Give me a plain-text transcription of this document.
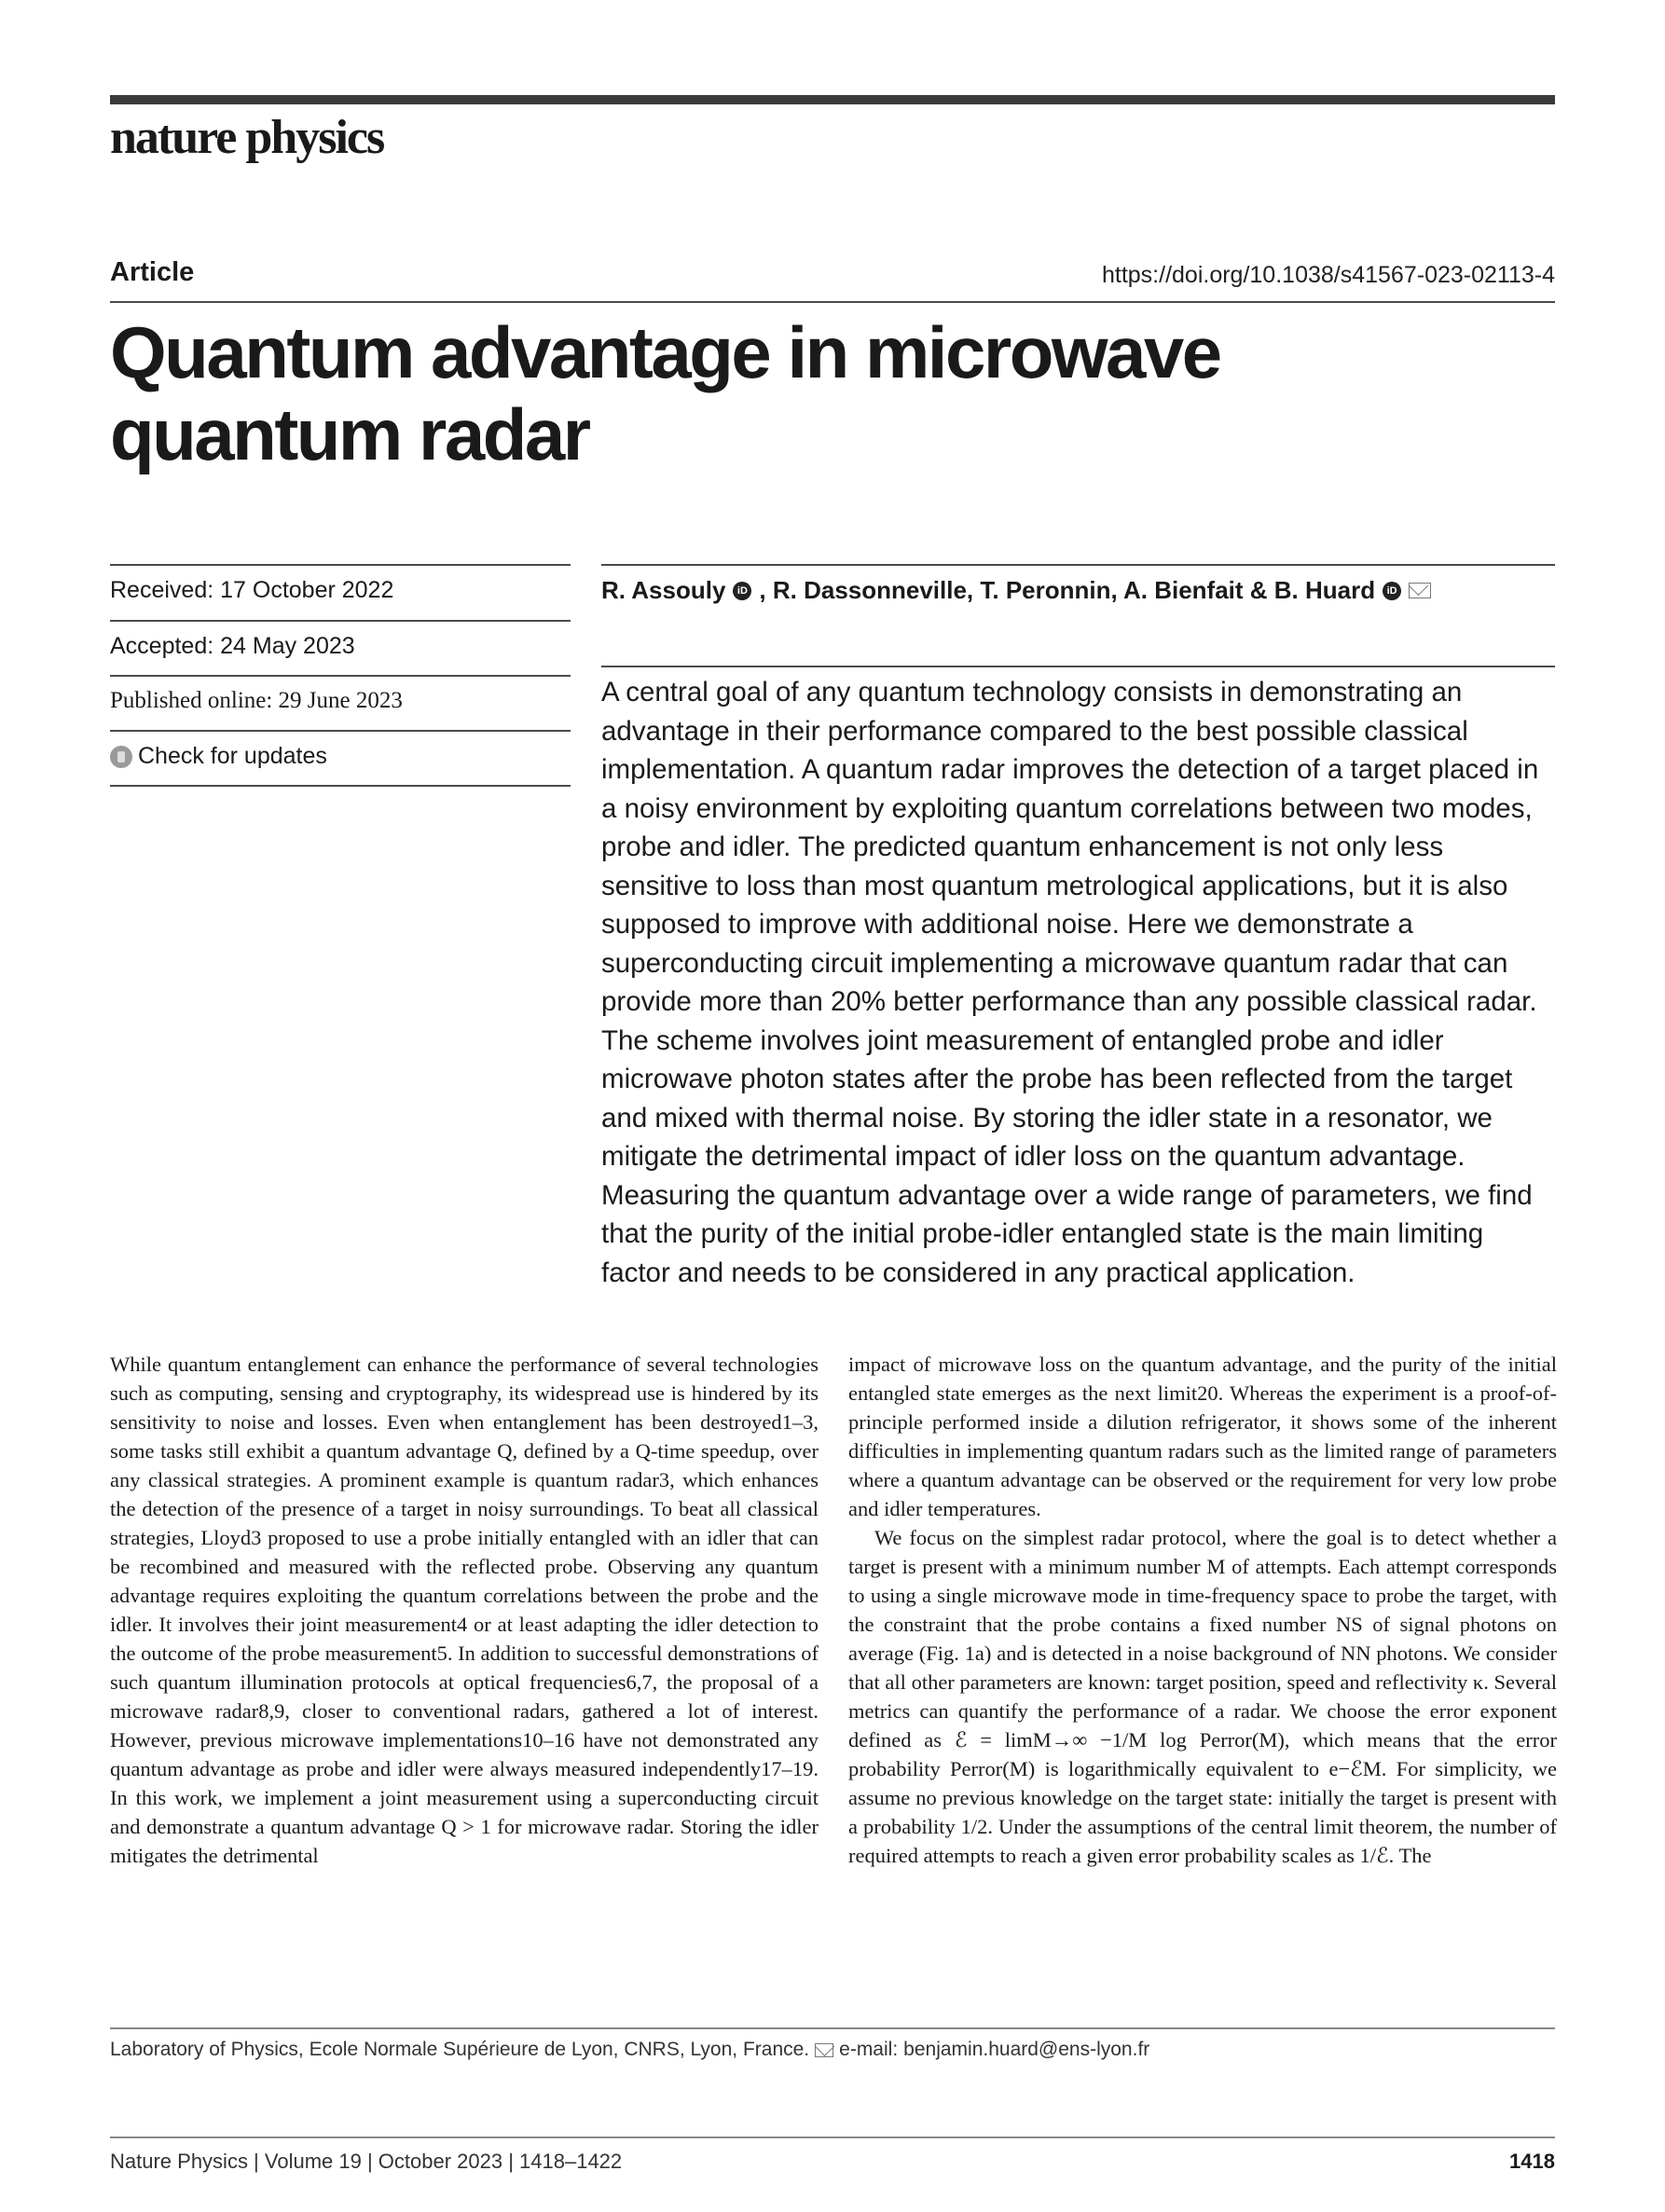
nature physics
Article	https://doi.org/10.1038/s41567-023-02113-4
Quantum advantage in microwave quantum radar
Received: 17 October 2022
Accepted: 24 May 2023
Published online: 29 June 2023
Check for updates
R. Assouly	iD , R. Dassonneville, T. Peronnin, A. Bienfait & B. Huard	iD
A central goal of any quantum technology consists in demonstrating an advantage in their performance compared to the best possible classical implementation. A quantum radar improves the detection of a target placed in a noisy environment by exploiting quantum correlations between two modes, probe and idler. The predicted quantum enhancement is not only less sensitive to loss than most quantum metrological applications, but it is also supposed to improve with additional noise. Here we demonstrate a superconducting circuit implementing a microwave quantum radar that can provide more than 20% better performance than any possible classical radar. The scheme involves joint measurement of entangled probe and idler microwave photon states after the probe has been reflected from the target and mixed with thermal noise. By storing the idler state in a resonator, we mitigate the detrimental impact of idler loss on the quantum advantage. Measuring the quantum advantage over a wide range of parameters, we find that the purity of the initial probe-idler entangled state is the main limiting factor and needs to be considered in any practical application.

While quantum entanglement can enhance the performance of several technologies such as computing, sensing and cryptography, its widespread use is hindered by its sensitivity to noise and losses. Even when entanglement has been destroyed1–3, some tasks still exhibit a quantum advantage Q, defined by a Q-time speedup, over any classical strategies. A prominent example is quantum radar3, which enhances the detection of the presence of a target in noisy surroundings. To beat all classical strategies, Lloyd3 proposed to use a probe initially entangled with an idler that can be recombined and measured with the reflected probe. Observing any quantum advantage requires exploiting the quantum correlations between the probe and the idler. It involves their joint measurement4 or at least adapting the idler detection to the outcome of the probe measurement5. In addition to successful demonstrations of such quantum illumination protocols at optical frequencies6,7, the proposal of a microwave radar8,9, closer to conventional radars, gathered a lot of interest. However, previous microwave implementations10–16 have not demonstrated any quantum advantage as probe and idler were always measured independently17–19. In this work, we implement a joint measurement using a superconducting circuit and demonstrate a quantum advantage Q > 1 for microwave radar. Storing the idler mitigates the detrimental

impact of microwave loss on the quantum advantage, and the purity of the initial entangled state emerges as the next limit20. Whereas the experiment is a proof-of-principle performed inside a dilution refrigerator, it shows some of the inherent difficulties in implementing quantum radars such as the limited range of parameters where a quantum advantage can be observed or the requirement for very low probe and idler temperatures.

We focus on the simplest radar protocol, where the goal is to detect whether a target is present with a minimum number M of attempts. Each attempt corresponds to using a single microwave mode in time-frequency space to probe the target, with the constraint that the probe contains a fixed number NS of signal photons on average (Fig. 1a) and is detected in a noise background of NN photons. We consider that all other parameters are known: target position, speed and reflectivity κ. Several metrics can quantify the performance of a radar. We choose the error exponent defined as ℰ = limM→∞ −1/M log Perror(M), which means that the error probability Perror(M) is logarithmically equivalent to e−ℰM. For simplicity, we assume no previous knowledge on the target state: initially the target is present with a probability 1/2. Under the assumptions of the central limit theorem, the number of required attempts to reach a given error probability scales as 1/ℰ. The

Laboratory of Physics, Ecole Normale Supérieure de Lyon, CNRS, Lyon, France. e-mail: benjamin.huard@ens-lyon.fr
Nature Physics | Volume 19 | October 2023 | 1418–1422	1418
